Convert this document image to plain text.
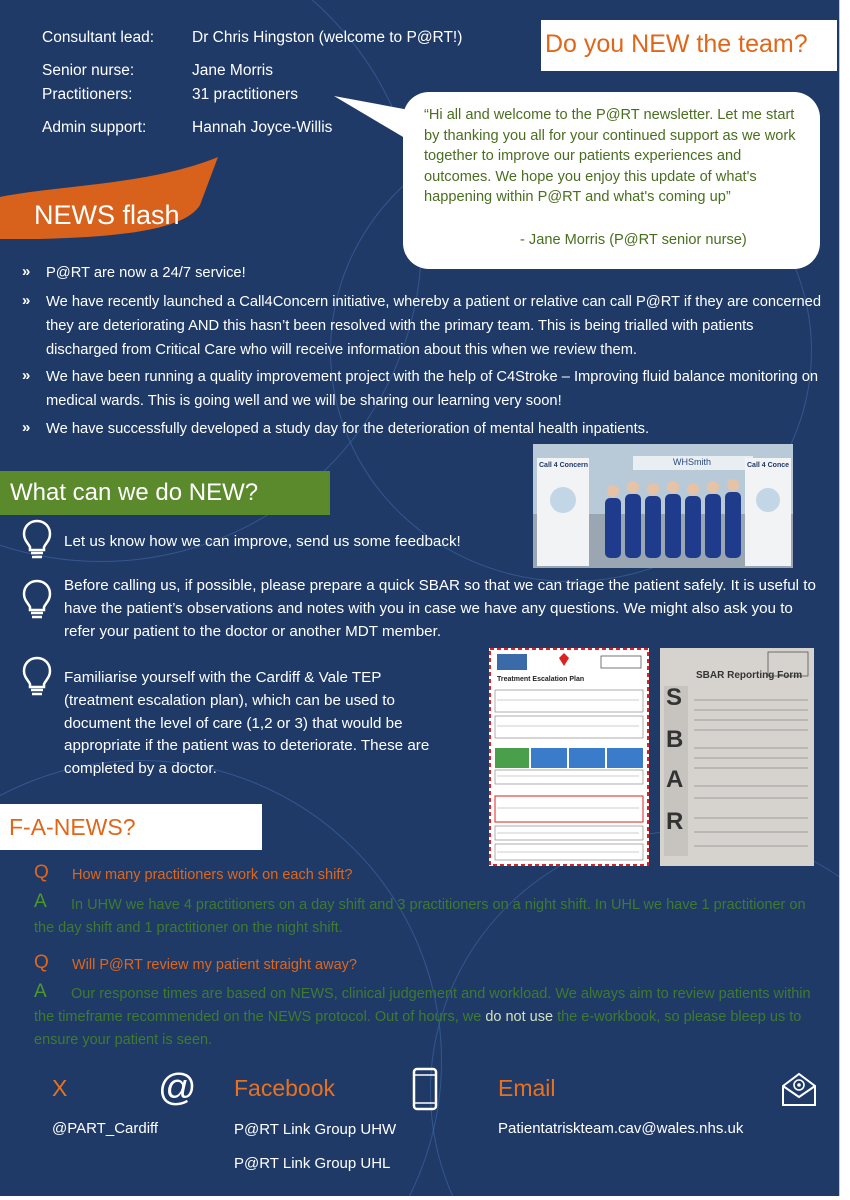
Consultant lead: Dr Chris Hingston (welcome to P@RT!)
Senior nurse:	Jane Morris
Practitioners:	31 practitioners
Admin support:	Hannah Joyce-Willis
Do you NEW the team?
“Hi all and welcome to the P@RT newsletter. Let me start by thanking you all for your continued support as we work together to improve our patients experiences and outcomes. We hope you enjoy this update of what's happening within P@RT and what's coming up”
- Jane Morris (P@RT senior nurse)
NEWS flash
» P@RT are now a 24/7 service!
» We have recently launched a Call4Concern initiative, whereby a patient or relative can call P@RT if they are concerned they are deteriorating AND this hasn’t been resolved with the primary team. This is being trialled with patients discharged from Critical Care who will receive information about this when we review them.
» We have been running a quality improvement project with the help of C4Stroke – Improving fluid balance monitoring on medical wards. This is going well and we will be sharing our learning very soon!
» We have successfully developed a study day for the deterioration of mental health inpatients.
What can we do NEW?
Call 4 Concern	Call 4 Conce
WHSmith
Let us know how we can improve, send us some feedback!
Before calling us, if possible, please prepare a quick SBAR so that we can triage the patient safely. It is useful to have the patient’s observations and notes with you in case we have any questions. We might also ask you to refer your patient to the doctor or another MDT member.
Familiarise yourself with the Cardiff & Vale TEP (treatment escalation plan), which can be used to document the level of care (1,2 or 3) that would be appropriate if the patient was to deteriorate. These are completed by a doctor.
Treatment Escalation Plan	SBAR Reporting Form
S
B
A
R
F-A-NEWS?
Q How many practitioners work on each shift?
A	In UHW we have 4 practitioners on a day shift and 3 practitioners on a night shift. In UHL we have 1 practitioner on the day shift and 1 practitioner on the night shift.
Q Will P@RT review my patient straight away?
A	Our response times are based on NEWS, clinical judgement and workload. We always aim to review patients within the timeframe recommended on the NEWS protocol. Out of hours, we do not use the e-workbook, so please bleep us to ensure your patient is seen.
X @
@PART_Cardiff
Facebook
P@RT Link Group UHW
P@RT Link Group UHL
Email
Patientatriskteam.cav@wales.nhs.uk
